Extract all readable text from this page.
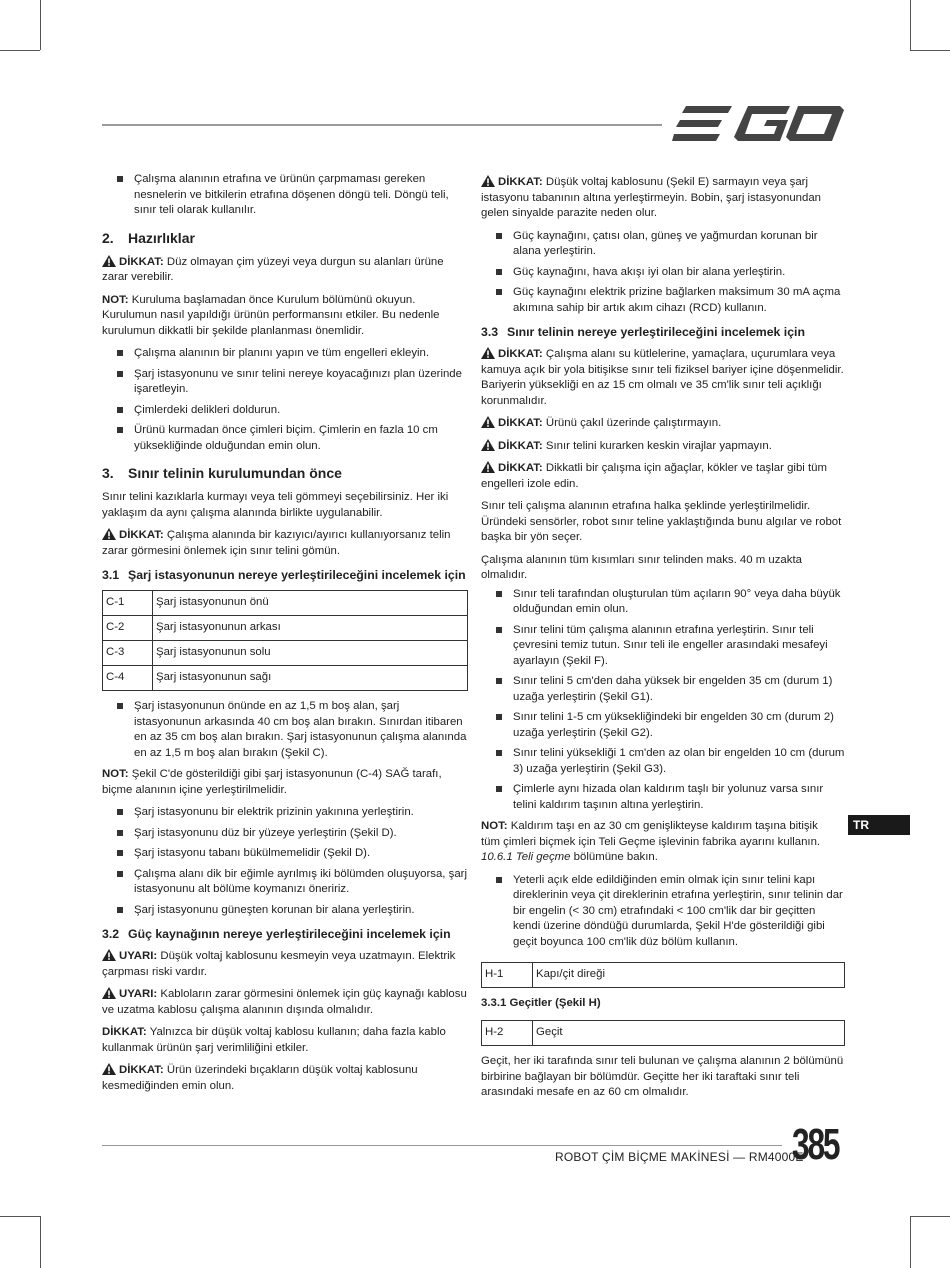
Çalışma alanının etrafına ve ürünün çarpmaması gereken nesnelerin ve bitkilerin etrafına döşenen döngü teli. Döngü teli, sınır teli olarak kullanılır.
2. Hazırlıklar

DİKKAT: Düz olmayan çim yüzeyi veya durgun su alanları ürüne zarar verebilir.

NOT: Kuruluma başlamadan önce Kurulum bölümünü okuyun. Kurulumun nasıl yapıldığı ürünün performansını etkiler. Bu nedenle kurulumun dikkatli bir şekilde planlanması önemlidir.

Çalışma alanının bir planını yapın ve tüm engelleri ekleyin.
Şarj istasyonunu ve sınır telini nereye koyacağınızı plan üzerinde işaretleyin.
Çimlerdeki delikleri doldurun.
Ürünü kurmadan önce çimleri biçim. Çimlerin en fazla 10 cm yüksekliğinde olduğundan emin olun.
3. Sınır telinin kurulumundan önce

Sınır telini kazıklarla kurmayı veya teli gömmeyi seçebilirsiniz. Her iki yaklaşım da aynı çalışma alanında birlikte uygulanabilir.

DİKKAT: Çalışma alanında bir kazıyıcı/ayırıcı kullanıyorsanız telin zarar görmesini önlemek için sınır telini gömün.

3.1 Şarj istasyonunun nereye yerleştirileceğini incelemek için
C-1	Şarj istasyonunun önü
C-2	Şarj istasyonunun arkası
C-3	Şarj istasyonunun solu
C-4	Şarj istasyonunun sağı
Şarj istasyonunun önünde en az 1,5 m boş alan, şarj istasyonunun arkasında 40 cm boş alan bırakın. Sınırdan itibaren en az 35 cm boş alan bırakın. Şarj istasyonunun çalışma alanında en az 1,5 m boş alan bırakın (Şekil C).

NOT: Şekil C'de gösterildiği gibi şarj istasyonunun (C-4) SAĞ tarafı, biçme alanının içine yerleştirilmelidir.

Şarj istasyonunu bir elektrik prizinin yakınına yerleştirin.
Şarj istasyonunu düz bir yüzeye yerleştirin (Şekil D).
Şarj istasyonu tabanı bükülmemelidir (Şekil D).
Çalışma alanı dik bir eğimle ayrılmış iki bölümden oluşuyorsa, şarj istasyonunu alt bölüme koymanızı öneririz.
Şarj istasyonunu güneşten korunan bir alana yerleştirin.
3.2 Güç kaynağının nereye yerleştirileceğini incelemek için

UYARI: Düşük voltaj kablosunu kesmeyin veya uzatmayın. Elektrik çarpması riski vardır.

UYARI: Kabloların zarar görmesini önlemek için güç kaynağı kablosu ve uzatma kablosu çalışma alanının dışında olmalıdır.

DİKKAT: Yalnızca bir düşük voltaj kablosu kullanın; daha fazla kablo kullanmak ürünün şarj verimliliğini etkiler.

DİKKAT: Ürün üzerindeki bıçakların düşük voltaj kablosunu kesmediğinden emin olun.

DİKKAT: Düşük voltaj kablosunu (Şekil E) sarmayın veya şarj istasyonu tabanının altına yerleştirmeyin. Bobin, şarj istasyonundan gelen sinyalde parazite neden olur.

Güç kaynağını, çatısı olan, güneş ve yağmurdan korunan bir alana yerleştirin.
Güç kaynağını, hava akışı iyi olan bir alana yerleştirin.
Güç kaynağını elektrik prizine bağlarken maksimum 30 mA açma akımına sahip bir artık akım cihazı (RCD) kullanın.
3.3 Sınır telinin nereye yerleştirileceğini incelemek için

DİKKAT: Çalışma alanı su kütlelerine, yamaçlara, uçurumlara veya kamuya açık bir yola bitişikse sınır teli fiziksel bariyer içine döşenmelidir. Bariyerin yüksekliği en az 15 cm olmalı ve 35 cm'lik sınır teli açıklığı korunmalıdır.

DİKKAT: Ürünü çakıl üzerinde çalıştırmayın.

DİKKAT: Sınır telini kurarken keskin virajlar yapmayın.

DİKKAT: Dikkatli bir çalışma için ağaçlar, kökler ve taşlar gibi tüm engelleri izole edin.

Sınır teli çalışma alanının etrafına halka şeklinde yerleştirilmelidir. Üründeki sensörler, robot sınır teline yaklaştığında bunu algılar ve robot başka bir yön seçer.

Çalışma alanının tüm kısımları sınır telinden maks. 40 m uzakta olmalıdır.

Sınır teli tarafından oluşturulan tüm açıların 90° veya daha büyük olduğundan emin olun.
Sınır telini tüm çalışma alanının etrafına yerleştirin. Sınır teli çevresini temiz tutun. Sınır teli ile engeller arasındaki mesafeyi ayarlayın (Şekil F).
Sınır telini 5 cm'den daha yüksek bir engelden 35 cm (durum 1) uzağa yerleştirin (Şekil G1).
Sınır telini 1-5 cm yüksekliğindeki bir engelden 30 cm (durum 2) uzağa yerleştirin (Şekil G2).
Sınır telini yüksekliği 1 cm'den az olan bir engelden 10 cm (durum 3) uzağa yerleştirin (Şekil G3).
Çimlerle aynı hizada olan kaldırım taşlı bir yolunuz varsa sınır telini kaldırım taşının altına yerleştirin.

NOT: Kaldırım taşı en az 30 cm genişlikteyse kaldırım taşına bitişik tüm çimleri biçmek için Teli Geçme işlevinin fabrika ayarını kullanın. 10.6.1 Teli geçme bölümüne bakın.

Yeterli açık elde edildiğinden emin olmak için sınır telini kapı direklerinin veya çit direklerinin etrafına yerleştirin, sınır telinin dar bir engelin (< 30 cm) etrafındaki < 100 cm'lik dar bir geçitten kendi üzerine döndüğü durumlarda, Şekil H'de gösterildiği gibi geçit boyunca 100 cm'lik düz bölüm kullanın.
H-1	Kapı/çit direği
3.3.1 Geçitler (Şekil H)
H-2	Geçit

Geçit, her iki tarafında sınır teli bulunan ve çalışma alanının 2 bölümünü birbirine bağlayan bir bölümdür. Geçitte her iki taraftaki sınır teli arasındaki mesafe en az 60 cm olmalıdır.

TR
ROBOT ÇİM BİÇME MAKİNESİ — RM4000E
385
